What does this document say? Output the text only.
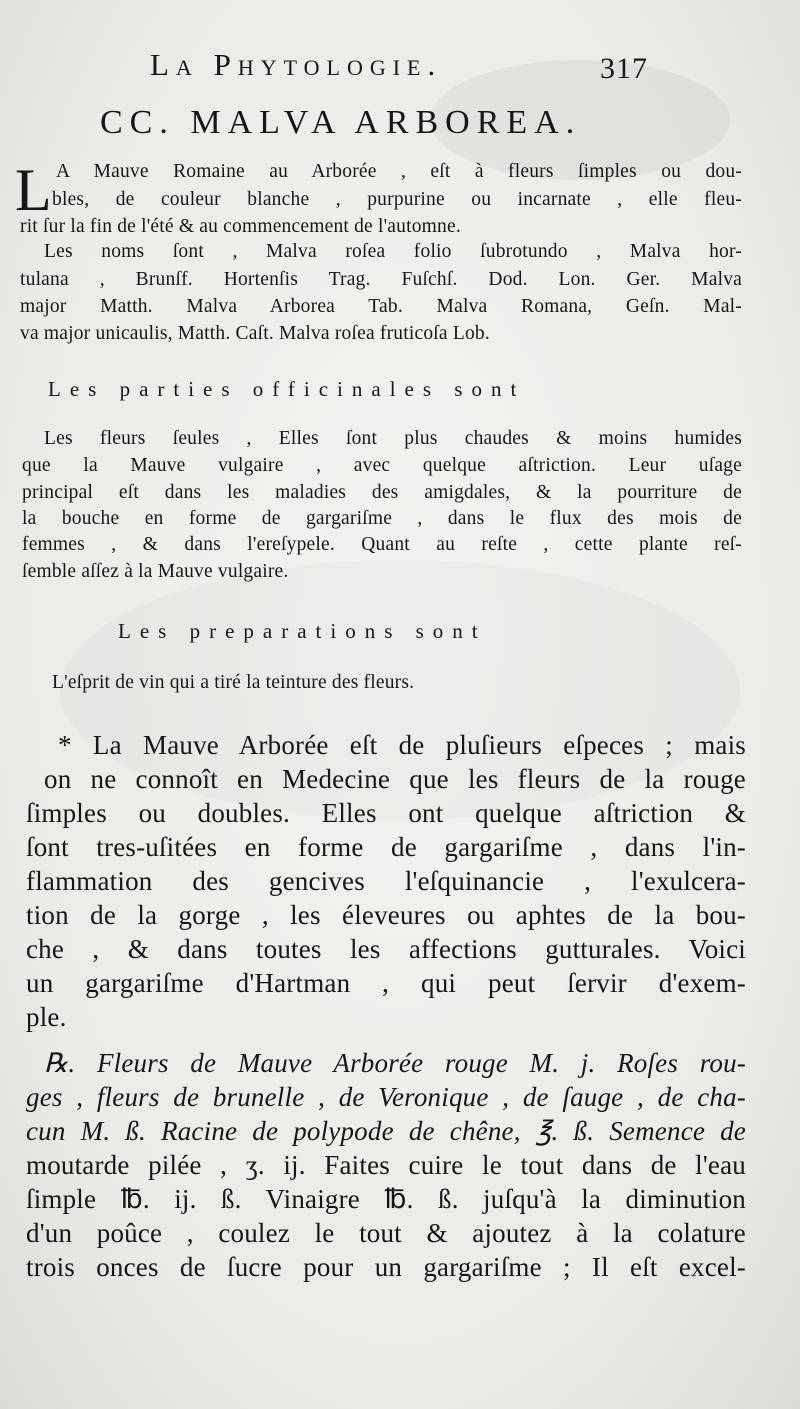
La Phytologie.	317
CC. MALVA ARBOREA.
L A Mauve Romaine au Arborée , eſt à fleurs ſimples ou dou-
bles, de couleur blanche , purpurine ou incarnate , elle fleu-
rit ſur la fin de l'été & au commencement de l'automne.
Les noms ſont , Malva roſea folio ſubrotundo , Malva hor-
tulana , Brunſf. Hortenſis Trag. Fuſchſ. Dod. Lon. Ger. Malva
major Matth. Malva Arborea Tab. Malva Romana, Geſn. Mal-
va major unicaulis, Matth. Caſt. Malva roſea fruticoſa Lob.
Les parties officinales sont
Les fleurs ſeules , Elles ſont plus chaudes & moins humides
que la Mauve vulgaire , avec quelque aſtriction. Leur uſage
principal eſt dans les maladies des amigdales, & la pourriture de
la bouche en forme de gargariſme , dans le flux des mois de
femmes , & dans l'ereſypele. Quant au reſte , cette plante reſ-
ſemble aſſez à la Mauve vulgaire.
Les preparations sont
L'eſprit de vin qui a tiré la teinture des fleurs.
* La Mauve Arborée eſt de pluſieurs eſpeces ; mais
on ne connoît en Medecine que les fleurs de la rouge
ſimples ou doubles. Elles ont quelque aſtriction &
ſont tres-uſitées en forme de gargariſme , dans l'in-
flammation des gencives l'eſquinancie , l'exulcera-
tion de la gorge , les éleveures ou aphtes de la bou-
che , & dans toutes les affections gutturales. Voici
un gargariſme d'Hartman , qui peut ſervir d'exem-
ple.
℞. Fleurs de Mauve Arborée rouge M. j. Roſes rou-
ges , fleurs de brunelle , de Veronique , de ſauge , de cha-
cun M. ß. Racine de polypode de chêne, ℥. ß. Semence de
moutarde pilée , ʒ. ij. Faites cuire le tout dans de l'eau
ſimple ℔. ij. ß. Vinaigre ℔. ß. juſqu'à la diminution
d'un poûce , coulez le tout & ajoutez à la colature
trois onces de ſucre pour un gargariſme ; Il eſt excel-
